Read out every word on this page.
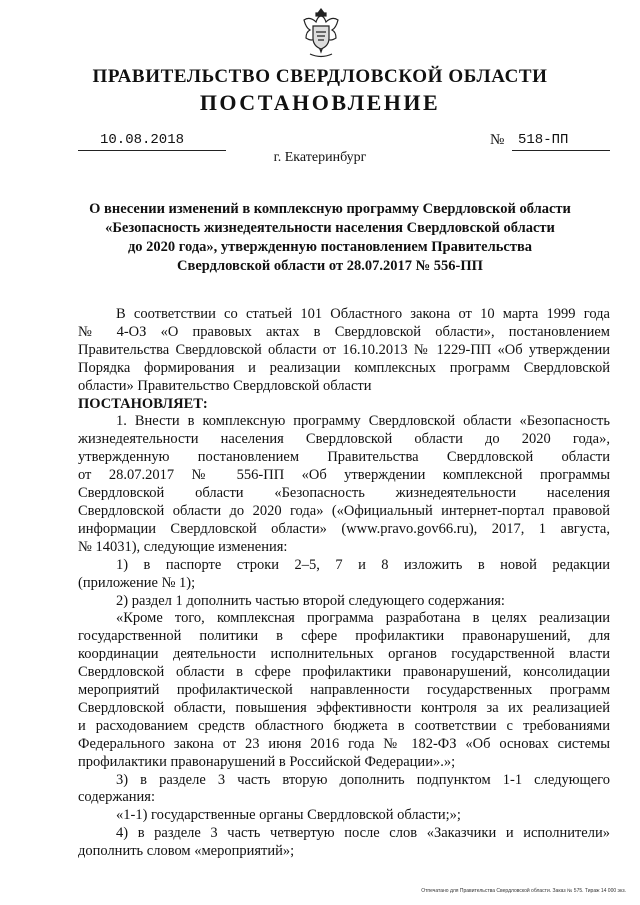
ПРАВИТЕЛЬСТВО СВЕРДЛОВСКОЙ ОБЛАСТИ
ПОСТАНОВЛЕНИЕ
10.08.2018	№ 518-ПП
г. Екатеринбург
О внесении изменений в комплексную программу Свердловской области
«Безопасность жизнедеятельности населения Свердловской области
до 2020 года», утвержденную постановлением Правительства
Свердловской области от 28.07.2017 № 556-ПП
В соответствии со статьей 101 Областного закона от 10 марта 1999 года
№ 4-ОЗ «О правовых актах в Свердловской области», постановлением
Правительства Свердловской области от 16.10.2013 № 1229-ПП «Об утверждении
Порядка формирования и реализации комплексных программ Свердловской
области» Правительство Свердловской области
ПОСТАНОВЛЯЕТ:
1. Внести в комплексную программу Свердловской области «Безопасность
жизнедеятельности населения Свердловской области до 2020 года»,
утвержденную постановлением Правительства Свердловской области
от 28.07.2017 № 556-ПП «Об утверждении комплексной программы
Свердловской области «Безопасность жизнедеятельности населения
Свердловской области до 2020 года» («Официальный интернет-портал правовой
информации Свердловской области» (www.pravo.gov66.ru), 2017, 1 августа,
№ 14031), следующие изменения:
1) в паспорте строки 2–5, 7 и 8 изложить в новой редакции
(приложение № 1);
2) раздел 1 дополнить частью второй следующего содержания:
«Кроме того, комплексная программа разработана в целях реализации
государственной политики в сфере профилактики правонарушений, для
координации деятельности исполнительных органов государственной власти
Свердловской области в сфере профилактики правонарушений, консолидации
мероприятий профилактической направленности государственных программ
Свердловской области, повышения эффективности контроля за их реализацией
и расходованием средств областного бюджета в соответствии с требованиями
Федерального закона от 23 июня 2016 года № 182-ФЗ «Об основах системы
профилактики правонарушений в Российской Федерации».»;
3) в разделе 3 часть вторую дополнить подпунктом 1-1 следующего
содержания:
«1-1) государственные органы Свердловской области;»;
4) в разделе 3 часть четвертую после слов «Заказчики и исполнители»
дополнить словом «мероприятий»;
Отпечатано для Правительства Свердловской области. Заказ № 575. Тираж 14 000 экз.
